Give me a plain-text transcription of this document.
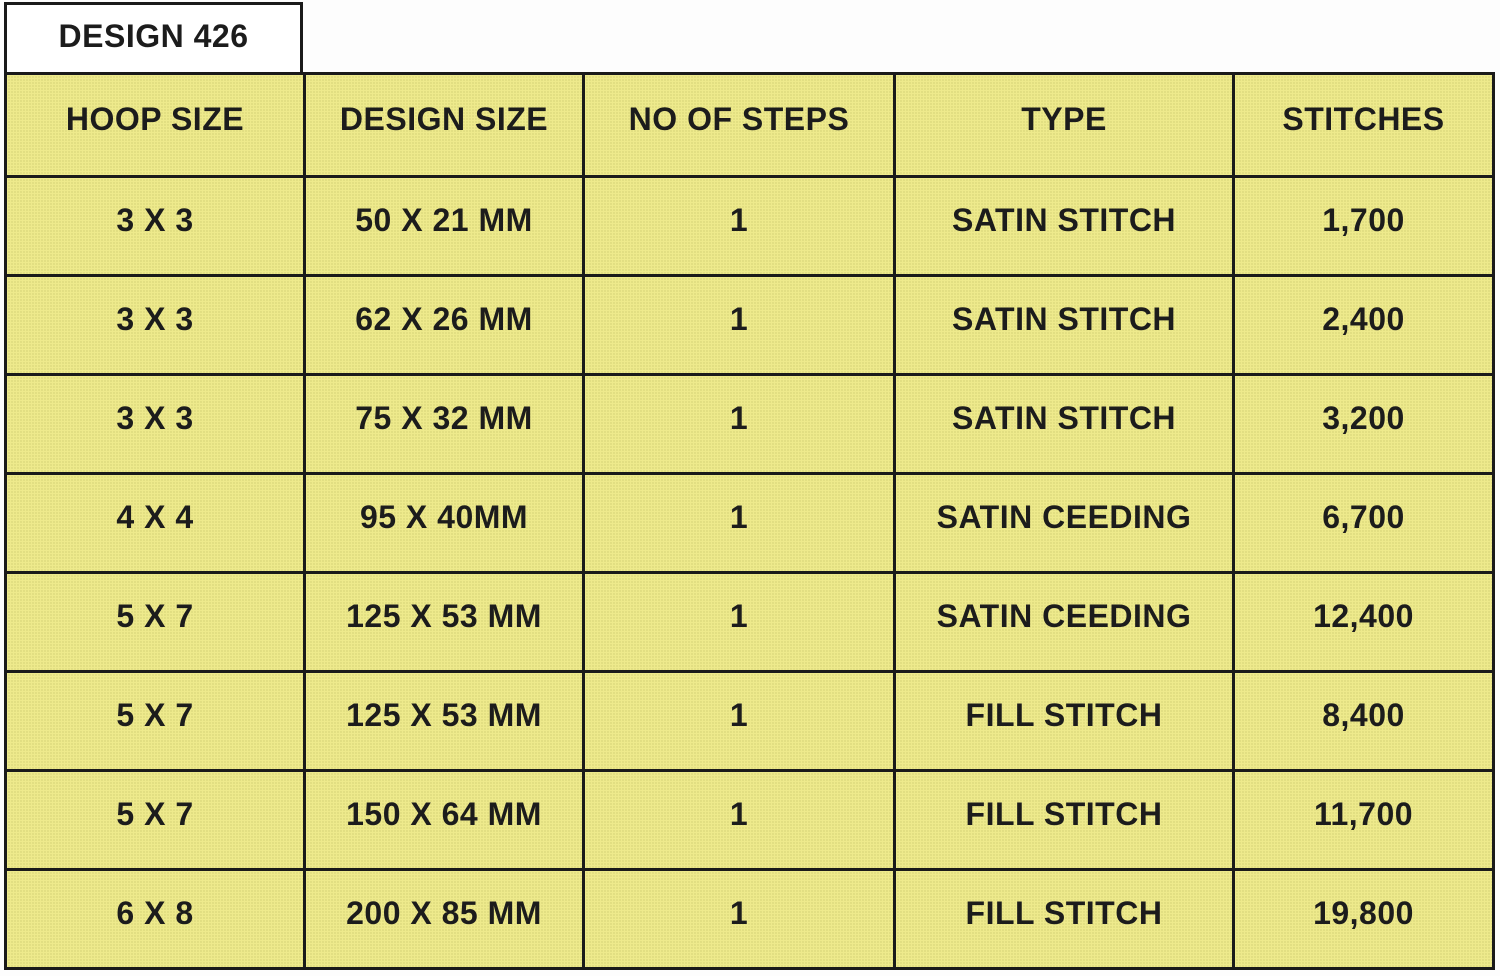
DESIGN 426
HOOP SIZE	DESIGN SIZE	NO OF STEPS	TYPE	STITCHES
3 X 3	50 X 21 MM	1	SATIN STITCH	1,700
3 X 3	62 X 26 MM	1	SATIN STITCH	2,400
3 X 3	75 X 32 MM	1	SATIN STITCH	3,200
4 X 4	95 X 40MM	1	SATIN CEEDING	6,700
5 X 7	125 X 53 MM	1	SATIN CEEDING	12,400
5 X 7	125 X 53 MM	1	FILL STITCH	8,400
5 X 7	150 X 64 MM	1	FILL STITCH	11,700
6 X 8	200 X 85 MM	1	FILL STITCH	19,800
